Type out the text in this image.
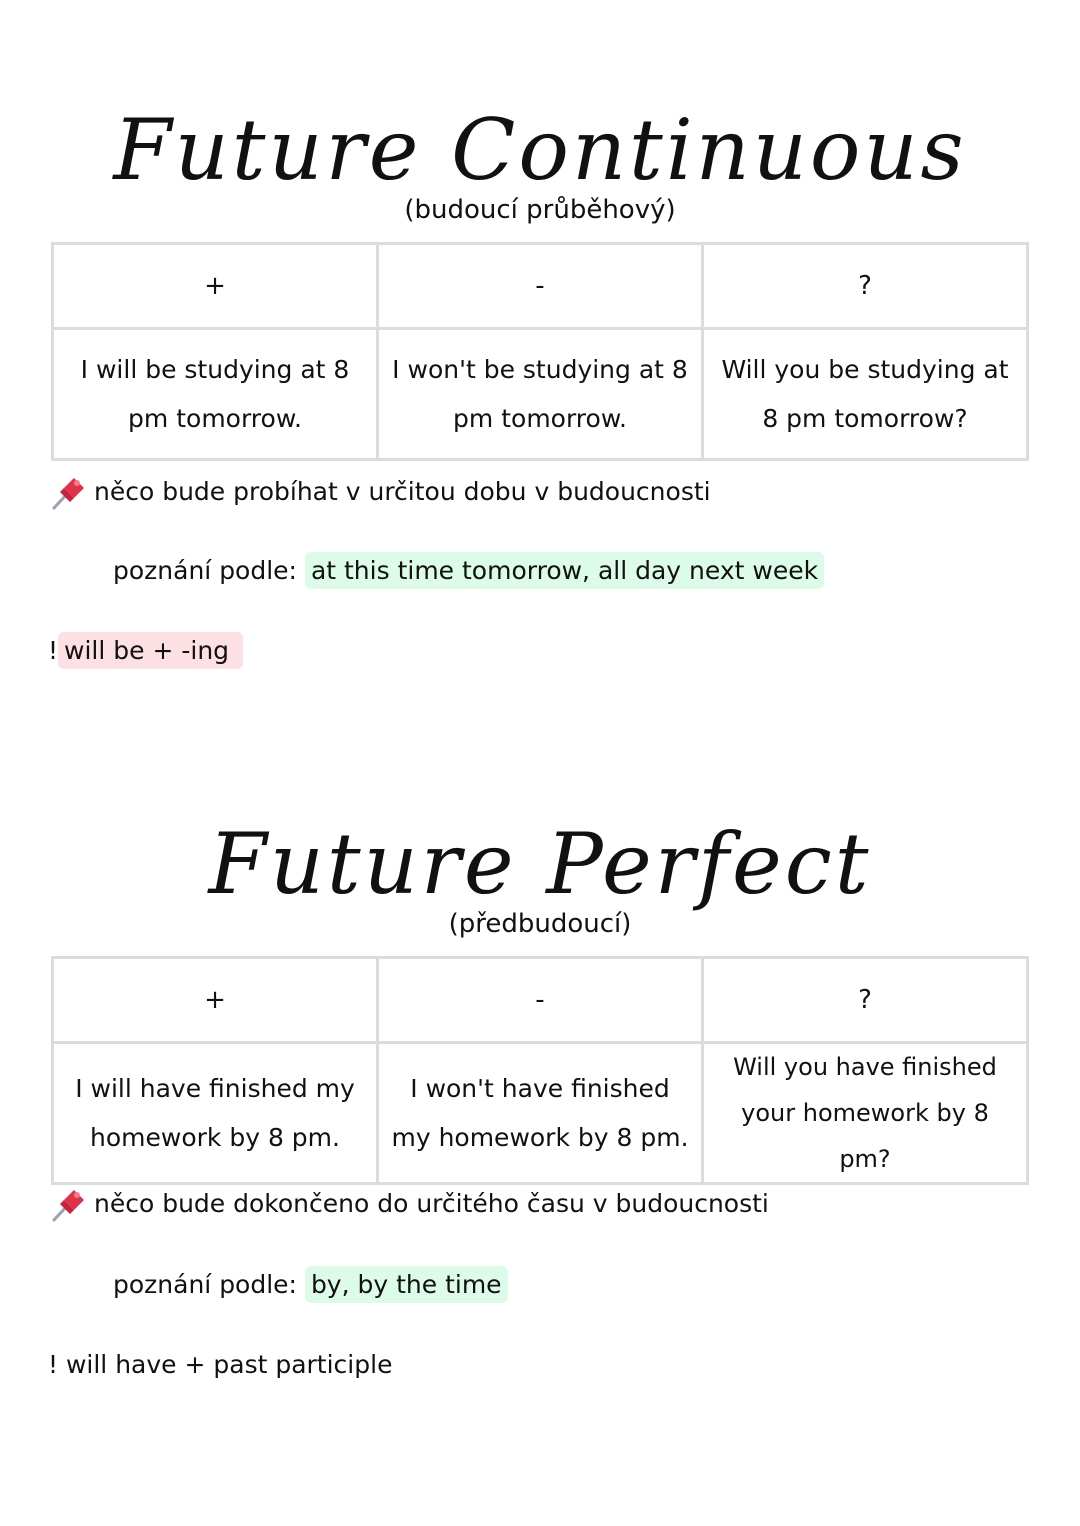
Future Continuous
(budoucí průběhový)
+	-	?
I will be studying at 8 pm tomorrow.	I won't be studying at 8 pm tomorrow.	Will you be studying at 8 pm tomorrow?
něco bude probíhat v určitou dobu v budoucnosti
poznání podle: at this time tomorrow, all day next week
! will be + -ing
Future Perfect
(předbudoucí)
+	-	?
I will have finished my homework by 8 pm.	I won't have finished my homework by 8 pm.	Will you have finished your homework by 8 pm?
něco bude dokončeno do určitého času v budoucnosti
poznání podle: by, by the time
! will have + past participle
